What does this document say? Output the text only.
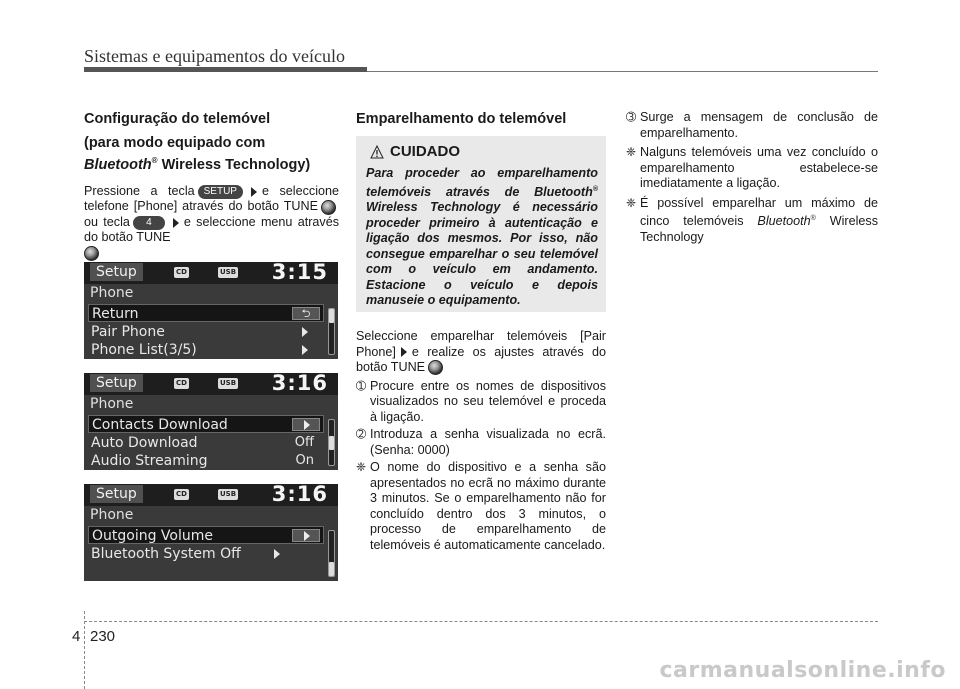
Sistemas e equipamentos do veículo
Configuração do telemóvel
(para modo equipado com
Bluetooth® Wireless Technology)
Pressione a tecla SETUP e seleccione telefone [Phone] através do botão TUNEou tecla 4	e seleccione menu através do botão TUNE

Setup	CD	USB 3:15
Phone
Return	⮌
Pair Phone
Phone List(3/5)
Setup	CD	USB 3:16
Phone
Contacts Download
Auto Download	Off
Audio Streaming	On
Setup	CD	USB 3:16
Phone
Outgoing Volume
Bluetooth System Off
Emparelhamento do telemóvel
CUIDADO
Para proceder ao emparelhamento telemóveis através de Bluetooth® Wireless Technology é necessário proceder primeiro à autenticação e ligação dos mesmos. Por isso, não consegue emparelhar o seu telemóvel com o veículo em andamento. Estacione o veículo e depois manuseie o equipamento.
Seleccione emparelhar telemóveis [Pair Phone] e realize os ajustes através do botão TUNE
➀ Procure entre os nomes de dispositivos visualizados no seu telemóvel e proceda à ligação.
➁ Introduza a senha visualizada no ecrã. (Senha: 0000)
❈ O nome do dispositivo e a senha são apresentados no ecrã no máximo durante 3 minutos. Se o emparelhamento não for concluído dentro dos 3 minutos, o processo de emparelhamento de telemóveis é automaticamente cancelado.
➂ Surge a mensagem de conclusão de emparelhamento.
❈ Nalguns telemóveis uma vez concluído o emparelhamento estabelece-se imediatamente a ligação.
❈ É possível emparelhar um máximo de cinco telemóveis Bluetooth® Wireless Technology
4 230
carmanualsonline.info
